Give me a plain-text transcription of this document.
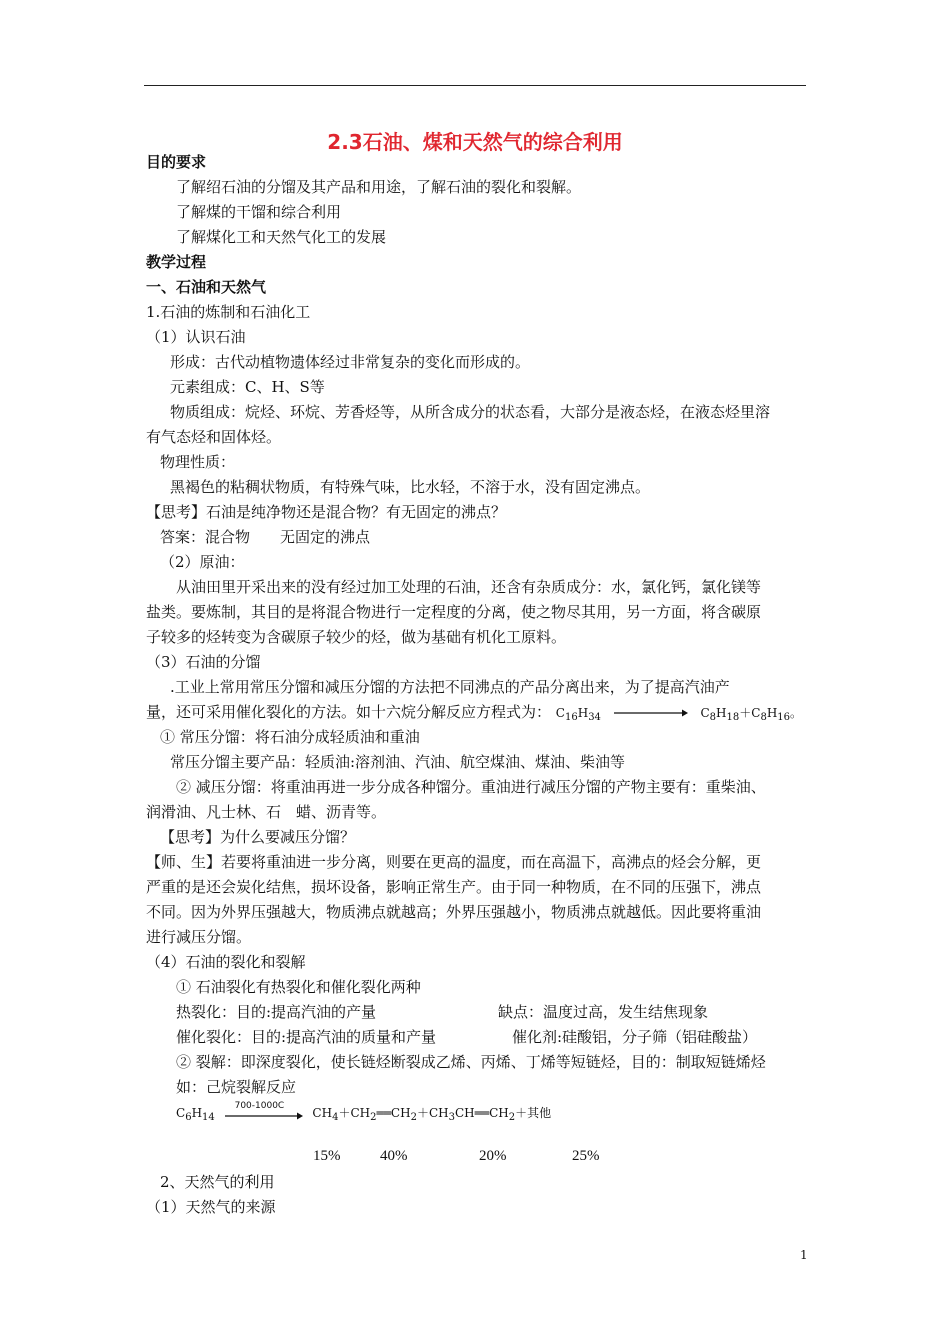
2.3石油、煤和天然气的综合利用
目的要求
了解绍石油的分馏及其产品和用途，了解石油的裂化和裂解。
了解煤的干馏和综合利用
了解煤化工和天然气化工的发展
教学过程
一、石油和天然气
1.石油的炼制和石油化工
（1）认识石油
形成：古代动植物遗体经过非常复杂的变化而形成的。
元素组成：C、H、S等
物质组成：烷烃、环烷、芳香烃等，从所含成分的状态看，大部分是液态烃，在液态烃里溶
有气态烃和固体烃。
物理性质：
黑褐色的粘稠状物质，有特殊气味，比水轻，不溶于水，没有固定沸点。
【思考】石油是纯净物还是混合物？有无固定的沸点？
答案：混合物　　无固定的沸点
（2）原油：
从油田里开采出来的没有经过加工处理的石油，还含有杂质成分：水，氯化钙，氯化镁等
盐类。要炼制，其目的是将混合物进行一定程度的分离，使之物尽其用，另一方面，将含碳原
子较多的烃转变为含碳原子较少的烃，做为基础有机化工原料。
（3）石油的分馏
.工业上常用常压分馏和减压分馏的方法把不同沸点的产品分离出来，为了提高汽油产
量，还可采用催化裂化的方法。如十六烷分解反应方程式为： $C_{16}H_{34}$	$C_8H_{18}+C_8H_{16}$。
① 常压分馏：将石油分成轻质油和重油
常压分馏主要产品：轻质油:溶剂油、汽油、航空煤油、煤油、柴油等
② 减压分馏：将重油再进一步分成各种馏分。重油进行减压分馏的产物主要有：重柴油、
润滑油、凡士林、石　蜡、沥青等。
【思考】为什么要减压分馏？
【师、生】若要将重油进一步分离，则要在更高的温度，而在高温下，高沸点的烃会分解，更
严重的是还会炭化结焦，损坏设备，影响正常生产。由于同一种物质，在不同的压强下，沸点
不同。因为外界压强越大，物质沸点就越高；外界压强越小，物质沸点就越低。因此要将重油
进行减压分馏。
（4）石油的裂化和裂解
① 石油裂化有热裂化和催化裂化两种
热裂化：目的:提高汽油的产量	缺点：温度过高，发生结焦现象
催化裂化：目的:提高汽油的质量和产量	催化剂:硅酸铝，分子筛（铝硅酸盐）
② 裂解：即深度裂化，使长链烃断裂成乙烯、丙烯、丁烯等短链烃，目的：制取短链烯烃
如：己烷裂解反应
$C_6H_{14}$
700-1000C
$CH_4+CH_2══CH_2+CH_3CH══CH_2+$其他
15%	40%	20%	25%
2、天然气的利用
（1）天然气的来源
1
